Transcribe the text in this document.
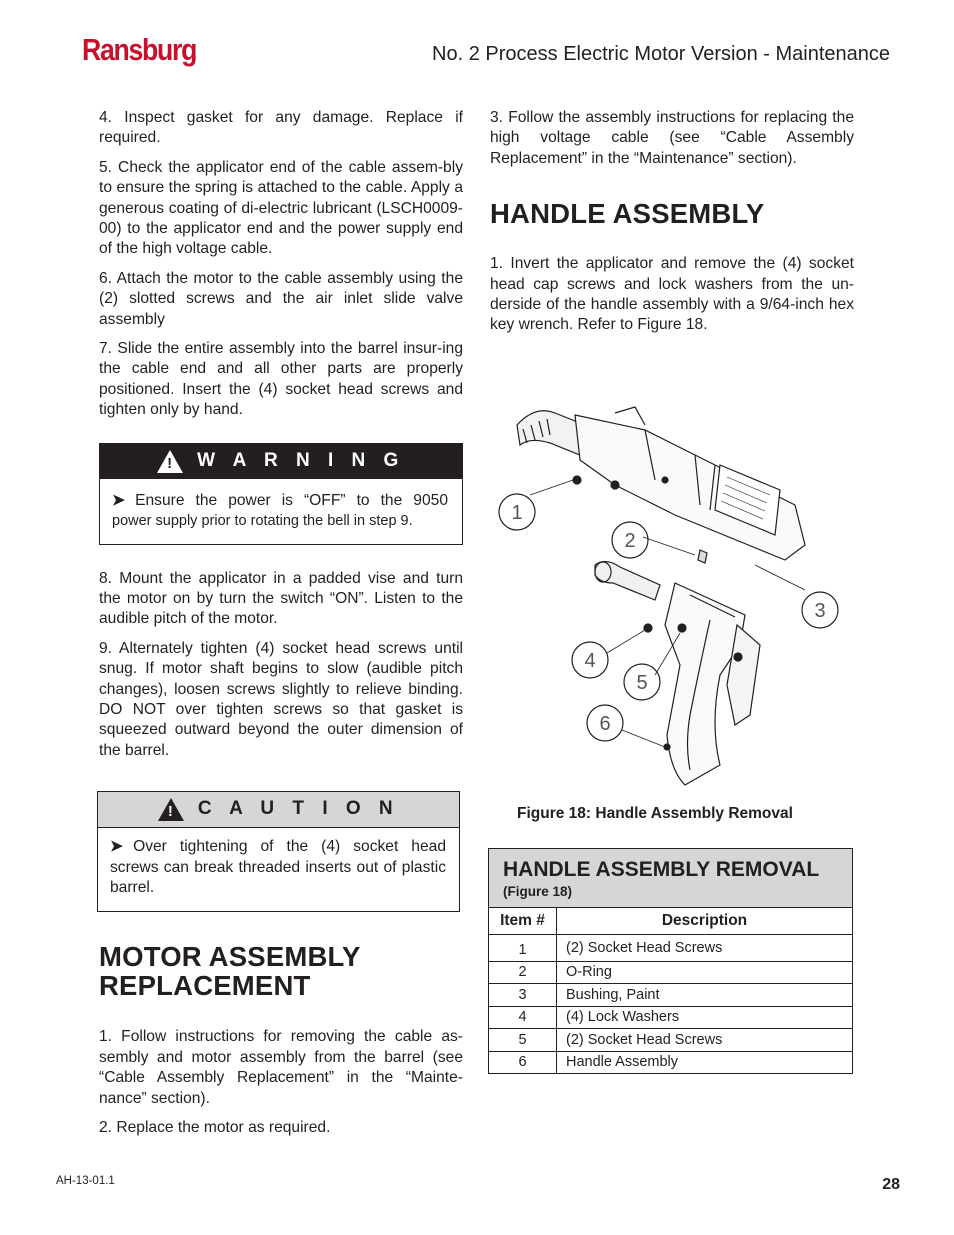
Ransburg	No. 2 Process Electric Motor Version - Maintenance

4. Inspect gasket for any damage. Replace if required.

5. Check the applicator end of the cable assem-bly to ensure the spring is attached to the cable. Apply a generous coating of di-electric lubricant (LSCH0009-00) to the applicator end and the power supply end of the high voltage cable.

6. Attach the motor to the cable assembly using the (2) slotted screws and the air inlet slide valve assembly

7. Slide the entire assembly into the barrel insur-ing the cable end and all other parts are properly positioned. Insert the (4) socket head screws and tighten only by hand.

! W A R N I N G
➤ Ensure the power is “OFF” to the 9050
power supply prior to rotating the bell in step 9.

8. Mount the applicator in a padded vise and turn the motor on by turn the switch “ON”. Listen to the audible pitch of the motor.

9. Alternately tighten (4) socket head screws until snug. If motor shaft begins to slow (audible pitch changes), loosen screws slightly to relieve binding. DO NOT over tighten screws so that gasket is squeezed outward beyond the outer dimension of the barrel.

! C A U T I O N
➤ Over tightening of the (4) socket head screws can break threaded inserts out of plastic barrel.
MOTOR ASSEMBLY
REPLACEMENT

1. Follow instructions for removing the cable as-sembly and motor assembly from the barrel (see “Cable Assembly Replacement” in the “Mainte-nance” section).

2. Replace the motor as required.

3. Follow the assembly instructions for replacing the high voltage cable (see “Cable Assembly Replacement” in the “Maintenance” section).

HANDLE ASSEMBLY

1. Invert the applicator and remove the (4) socket head cap screws and lock washers from the un-derside of the handle assembly with a 9/64-inch hex key wrench. Refer to Figure 18.

1
2
3
4
5
6
Figure 18: Handle Assembly Removal
HANDLE ASSEMBLY REMOVAL
(Figure 18)	

Item #	Description
1	(2) Socket Head Screws
2	O-Ring
3	Bushing, Paint
4	(4) Lock Washers
5	(2) Socket Head Screws
6	Handle Assembly
AH-13-01.1	28
